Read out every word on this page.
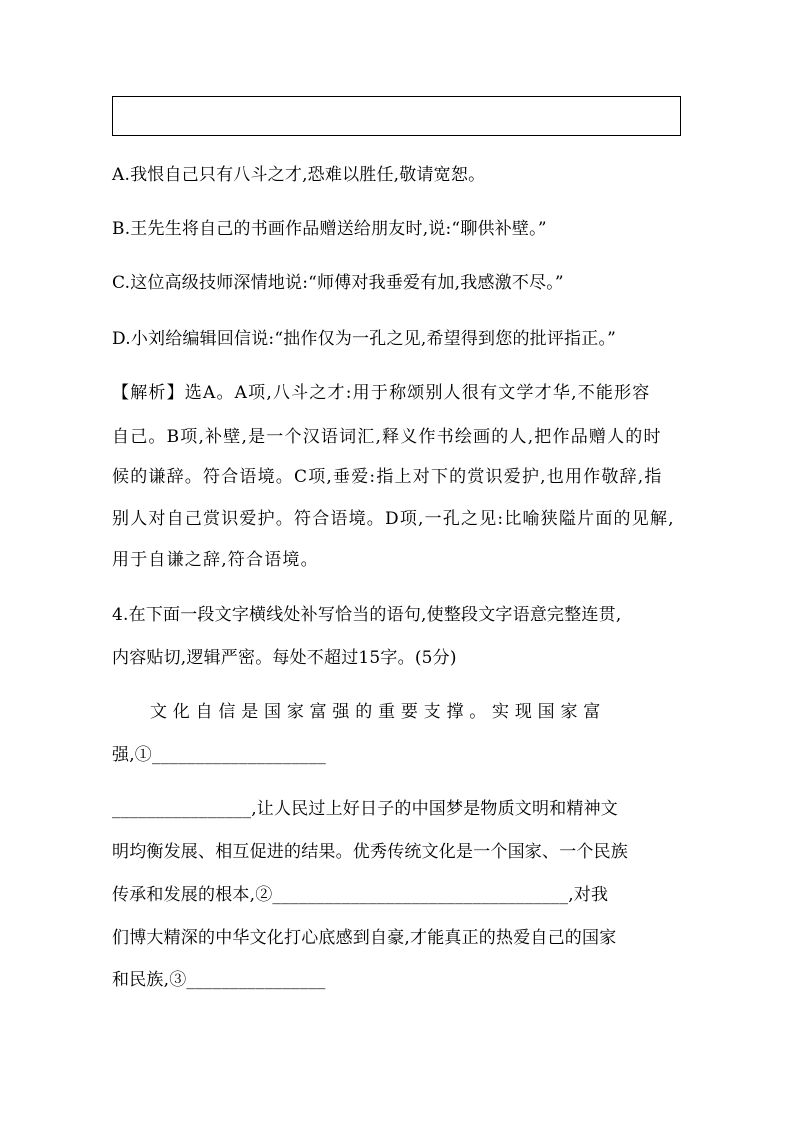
A.我恨自己只有八斗之才,恐难以胜任,敬请宽恕。
B.王先生将自己的书画作品赠送给朋友时,说:“聊供补壁。”
C.这位高级技师深情地说:“师傅对我垂爱有加,我感激不尽。”
D.小刘给编辑回信说:“拙作仅为一孔之见,希望得到您的批评指正。”
【解析】选A。A项,八斗之才:用于称颂别人很有文学才华,不能形容
自己。B项,补壁,是一个汉语词汇,释义作书绘画的人,把作品赠人的时
候的谦辞。符合语境。C项,垂爱:指上对下的赏识爱护,也用作敬辞,指
别人对自己赏识爱护。符合语境。D项,一孔之见:比喻狭隘片面的见解,
用于自谦之辞,符合语境。
4.在下面一段文字横线处补写恰当的语句,使整段文字语意完整连贯,
内容贴切,逻辑严密。每处不超过15字。(5分)
文 化 自 信 是 国 家 富 强 的 重 要 支 撑 。 实 现 国 家 富
强,①____________________
________________,让人民过上好日子的中国梦是物质文明和精神文
明均衡发展、相互促进的结果。优秀传统文化是一个国家、一个民族
传承和发展的根本,②__________________________________,对我
们博大精深的中华文化打心底感到自豪,才能真正的热爱自己的国家
和民族,③________________
